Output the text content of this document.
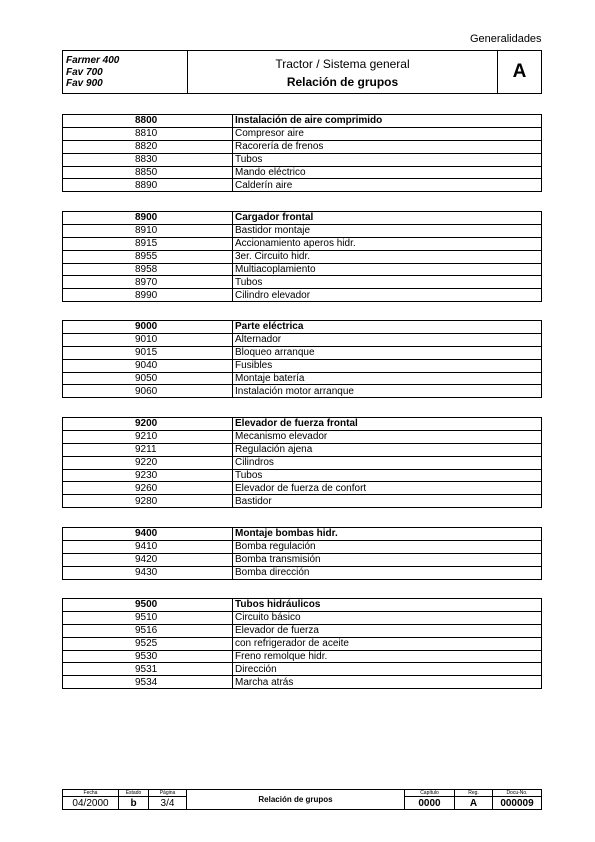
Generalidades
Farmer 400
Fav 700
Fav 900
Tractor / Sistema general
Relación de grupos	A
8800	Instalación de aire comprimido
8810	Compresor aire
8820	Racorería de frenos
8830	Tubos
8850	Mando eléctrico
8890	Calderín aire
8900	Cargador frontal
8910	Bastidor montaje
8915	Accionamiento aperos hidr.
8955	3er. Circuito hidr.
8958	Multiacoplamiento
8970	Tubos
8990	Cilindro elevador
9000	Parte eléctrica
9010	Alternador
9015	Bloqueo arranque
9040	Fusibles
9050	Montaje batería
9060	Instalación motor arranque
9200	Elevador de fuerza frontal
9210	Mecanismo elevador
9211	Regulación ajena
9220	Cilindros
9230	Tubos
9260	Elevador de fuerza de confort
9280	Bastidor
9400	Montaje bombas hidr.
9410	Bomba regulación
9420	Bomba transmisión
9430	Bomba dirección
9500	Tubos hidráulicos
9510	Circuito básico
9516	Elevador de fuerza
9525	con refrigerador de aceite
9530	Freno remolque hidr.
9531	Dirección
9534	Marcha atrás
Fecha
04/2000
Estado
b
Página
3/4	Relación de grupos
Capítulo
0000
Reg.
A
Docu-No.
000009
